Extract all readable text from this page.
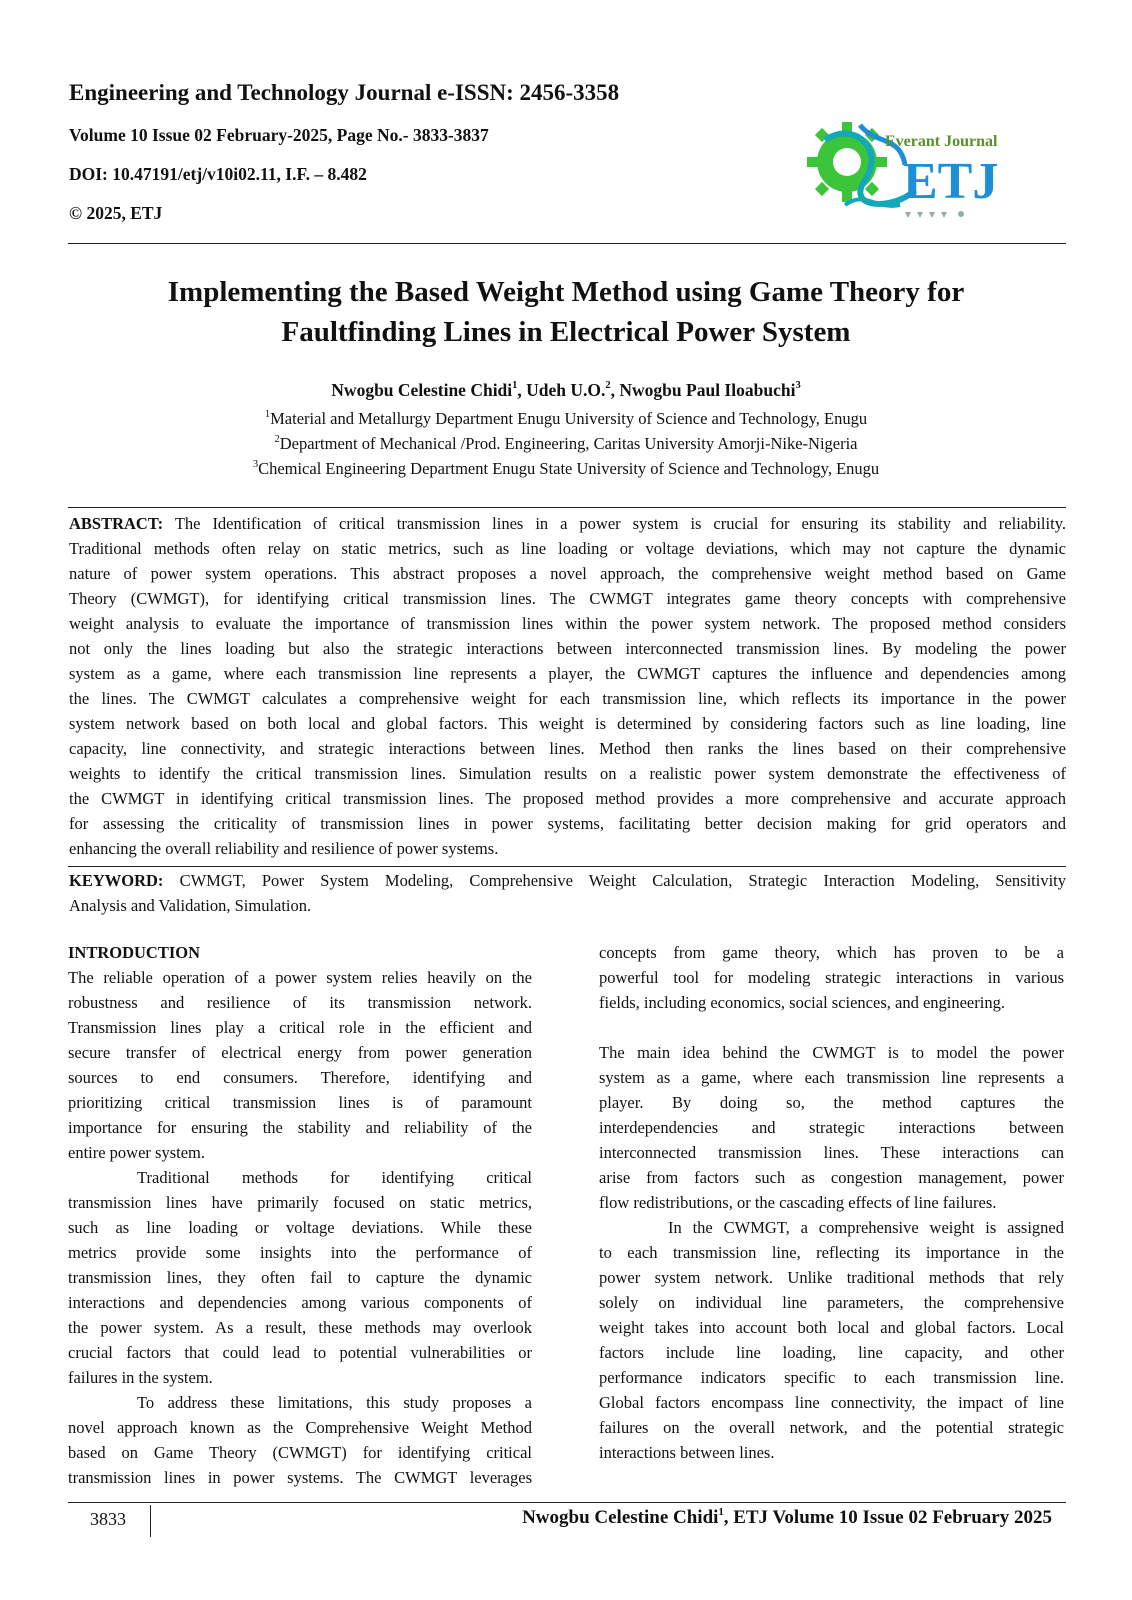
Engineering and Technology Journal e-ISSN: 2456-3358
Volume 10 Issue 02 February-2025, Page No.- 3833-3837
DOI: 10.47191/etj/v10i02.11, I.F. – 8.482
© 2025, ETJ
ETJ
Everant Journal
Implementing the Based Weight Method using Game Theory for
Faultfinding Lines in Electrical Power System
Nwogbu Celestine Chidi$^1$, Udeh U.O.$^2$, Nwogbu Paul Iloabuchi$^3$
$^1$Material and Metallurgy Department Enugu University of Science and Technology, Enugu
$^2$Department of Mechanical /Prod. Engineering, Caritas University Amorji-Nike-Nigeria
$^3$Chemical Engineering Department Enugu State University of Science and Technology, Enugu
ABSTRACT: The Identification of critical transmission lines in a power system is crucial for ensuring its stability and reliability.
Traditional methods often relay on static metrics, such as line loading or voltage deviations, which may not capture the dynamic
nature of power system operations. This abstract proposes a novel approach, the comprehensive weight method based on Game
Theory (CWMGT), for identifying critical transmission lines. The CWMGT integrates game theory concepts with comprehensive
weight analysis to evaluate the importance of transmission lines within the power system network. The proposed method considers
not only the lines loading but also the strategic interactions between interconnected transmission lines. By modeling the power
system as a game, where each transmission line represents a player, the CWMGT captures the influence and dependencies among
the lines. The CWMGT calculates a comprehensive weight for each transmission line, which reflects its importance in the power
system network based on both local and global factors. This weight is determined by considering factors such as line loading, line
capacity, line connectivity, and strategic interactions between lines. Method then ranks the lines based on their comprehensive
weights to identify the critical transmission lines. Simulation results on a realistic power system demonstrate the effectiveness of
the CWMGT in identifying critical transmission lines. The proposed method provides a more comprehensive and accurate approach
for assessing the criticality of transmission lines in power systems, facilitating better decision making for grid operators and
enhancing the overall reliability and resilience of power systems.
KEYWORD: CWMGT, Power System Modeling, Comprehensive Weight Calculation, Strategic Interaction Modeling, Sensitivity
Analysis and Validation, Simulation.
INTRODUCTION
The reliable operation of a power system relies heavily on the
robustness and resilience of its transmission network.
Transmission lines play a critical role in the efficient and
secure transfer of electrical energy from power generation
sources to end consumers. Therefore, identifying and
prioritizing critical transmission lines is of paramount
importance for ensuring the stability and reliability of the
entire power system.
Traditional methods for identifying critical
transmission lines have primarily focused on static metrics,
such as line loading or voltage deviations. While these
metrics provide some insights into the performance of
transmission lines, they often fail to capture the dynamic
interactions and dependencies among various components of
the power system. As a result, these methods may overlook
crucial factors that could lead to potential vulnerabilities or
failures in the system.
To address these limitations, this study proposes a
novel approach known as the Comprehensive Weight Method
based on Game Theory (CWMGT) for identifying critical
transmission lines in power systems. The CWMGT leverages
concepts from game theory, which has proven to be a
powerful tool for modeling strategic interactions in various
fields, including economics, social sciences, and engineering.
The main idea behind the CWMGT is to model the power
system as a game, where each transmission line represents a
player. By doing so, the method captures the
interdependencies and strategic interactions between
interconnected transmission lines. These interactions can
arise from factors such as congestion management, power
flow redistributions, or the cascading effects of line failures.
In the CWMGT, a comprehensive weight is assigned
to each transmission line, reflecting its importance in the
power system network. Unlike traditional methods that rely
solely on individual line parameters, the comprehensive
weight takes into account both local and global factors. Local
factors include line loading, line capacity, and other
performance indicators specific to each transmission line.
Global factors encompass line connectivity, the impact of line
failures on the overall network, and the potential strategic
interactions between lines.
3833	Nwogbu Celestine Chidi$^1$, ETJ Volume 10 Issue 02 February 2025
